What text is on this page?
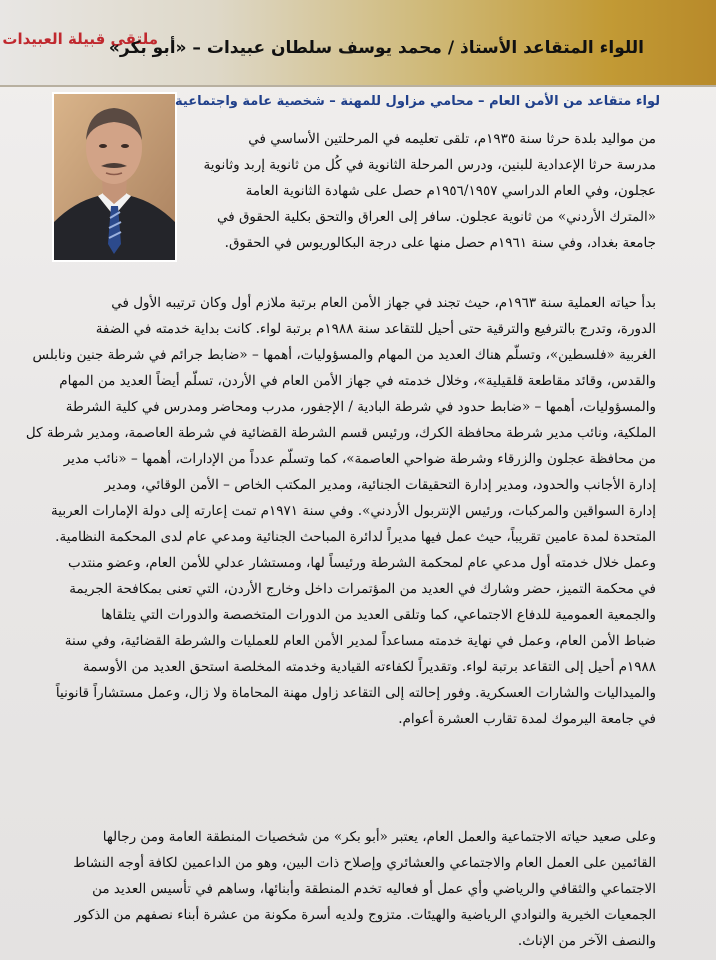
ملتقى قبيلة العبيدات
اللواء المتقاعد الأستاذ / محمد يوسف سلطان عبيدات – «أبو بكر»
لواء متقاعد من الأمن العام – محامي مزاول للمهنة – شخصية عامة واجتماعية
من مواليد بلدة حرثا سنة ١٩٣٥م، تلقى تعليمه في المرحلتين الأساسي في
مدرسة حرثا الإعدادية للبنين، ودرس المرحلة الثانوية في كُل من ثانوية إربد وثانوية
عجلون، وفي العام الدراسي ١٩٥٦/١٩٥٧م حصل على شهادة الثانوية العامة
«المترك الأردني» من ثانوية عجلون. سافر إلى العراق والتحق بكلية الحقوق في
جامعة بغداد، وفي سنة ١٩٦١م حصل منها على درجة البكالوريوس في الحقوق.
بدأ حياته العملية سنة ١٩٦٣م، حيث تجند في جهاز الأمن العام برتبة ملازم أول وكان ترتيبه الأول في
الدورة، وتدرج بالترفيع والترقية حتى أحيل للتقاعد سنة ١٩٨٨م برتبة لواء. كانت بداية خدمته في الضفة
الغربية «فلسطين»، وتسلّم هناك العديد من المهام والمسؤوليات، أهمها – «ضابط جرائم في شرطة جنين ونابلس
والقدس، وقائد مقاطعة قلقيلية»، وخلال خدمته في جهاز الأمن العام في الأردن، تسلّم أيضاً العديد من المهام
والمسؤوليات، أهمها – «ضابط حدود في شرطة البادية / الإجفور، مدرب ومحاضر ومدرس في كلية الشرطة
الملكية، ونائب مدير شرطة محافظة الكرك، ورئيس قسم الشرطة القضائية في شرطة العاصمة، ومدير شرطة كل
من محافظة عجلون والزرقاء وشرطة ضواحي العاصمة»، كما وتسلّم عدداً من الإدارات، أهمها – «نائب مدير
إدارة الأجانب والحدود، ومدير إدارة التحقيقات الجنائية، ومدير المكتب الخاص – الأمن الوقائي، ومدير
إدارة السواقين والمركبات، ورئيس الإنتربول الأردني». وفي سنة ١٩٧١م تمت إعارته إلى دولة الإمارات العربية
المتحدة لمدة عامين تقريباً، حيث عمل فيها مديراً لدائرة المباحث الجنائية ومدعي عام لدى المحكمة النظامية.
وعمل خلال خدمته أول مدعي عام لمحكمة الشرطة ورئيساً لها، ومستشار عدلي للأمن العام، وعضو منتدب
في محكمة التميز، حضر وشارك في العديد من المؤتمرات داخل وخارج الأردن، التي تعنى بمكافحة الجريمة
والجمعية العمومية للدفاع الاجتماعي، كما وتلقى العديد من الدورات المتخصصة والدورات التي يتلقاها
ضباط الأمن العام، وعمل في نهاية خدمته مساعداً لمدير الأمن العام للعمليات والشرطة القضائية، وفي سنة
١٩٨٨م أحيل إلى التقاعد برتبة لواء. وتقديراً لكفاءته القيادية وخدمته المخلصة استحق العديد من الأوسمة
والميداليات والشارات العسكرية. وفور إحالته إلى التقاعد زاول مهنة المحاماة ولا زال، وعمل مستشاراً قانونياً
في جامعة اليرموك لمدة تقارب العشرة أعوام.
وعلى صعيد حياته الاجتماعية والعمل العام، يعتبر «أبو بكر» من شخصيات المنطقة العامة ومن رجالها
القائمين على العمل العام والاجتماعي والعشائري وإصلاح ذات البين، وهو من الداعمين لكافة أوجه النشاط
الاجتماعي والثقافي والرياضي وأي عمل أو فعاليه تخدم المنطقة وأبنائها، وساهم في تأسيس العديد من
الجمعيات الخيرية والنوادي الرياضية والهيئات. متزوج ولديه أسرة مكونة من عشرة أبناء نصفهم من الذكور
والنصف الآخر من الإناث.
